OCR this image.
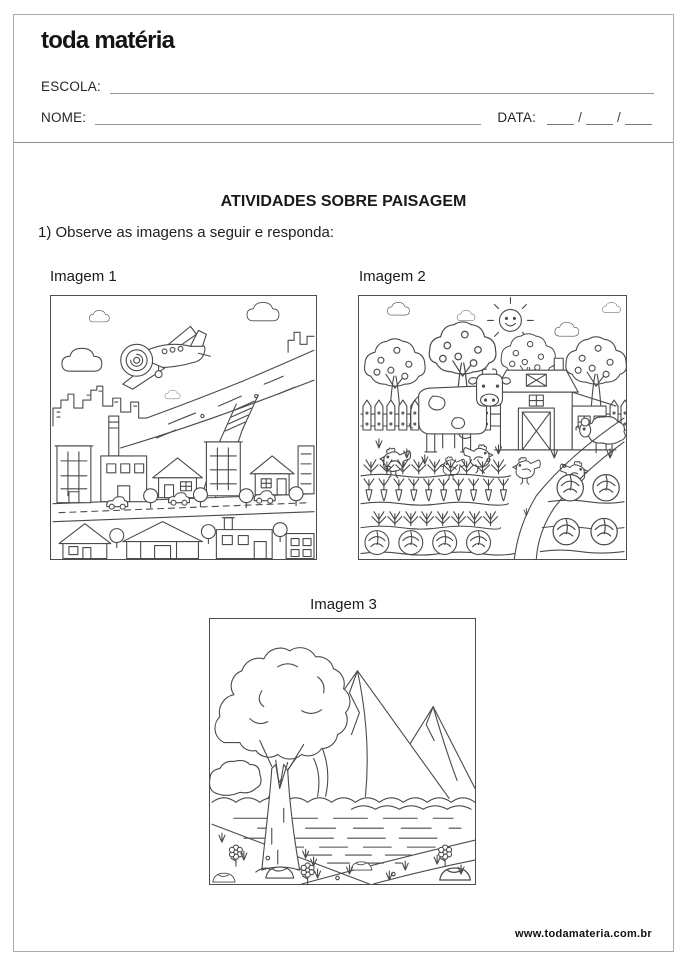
toda matéria
ESCOLA:
NOME:	DATA:	/	/
ATIVIDADES SOBRE PAISAGEM
1) Observe as imagens a seguir e responda:
Imagem 1	Imagem 2
Imagem 3
www.todamateria.com.br
